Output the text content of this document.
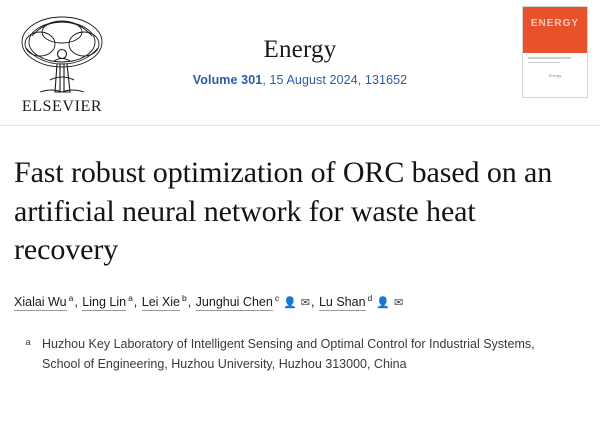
ELSEVIER
Energy
Volume 301, 15 August 2024, 131652
ENERGY
Energy
Fast robust optimization of ORC based on an artificial neural network for waste heat recovery
Xialai Wu $^a$, Ling Lin $^a$, Lei Xie $^b$, Junghui Chen $^c$ 👤 ✉, Lu Shan $^d$ 👤 ✉
a Huzhou Key Laboratory of Intelligent Sensing and Optimal Control for Industrial Systems, School of Engineering, Huzhou University, Huzhou 313000, China
